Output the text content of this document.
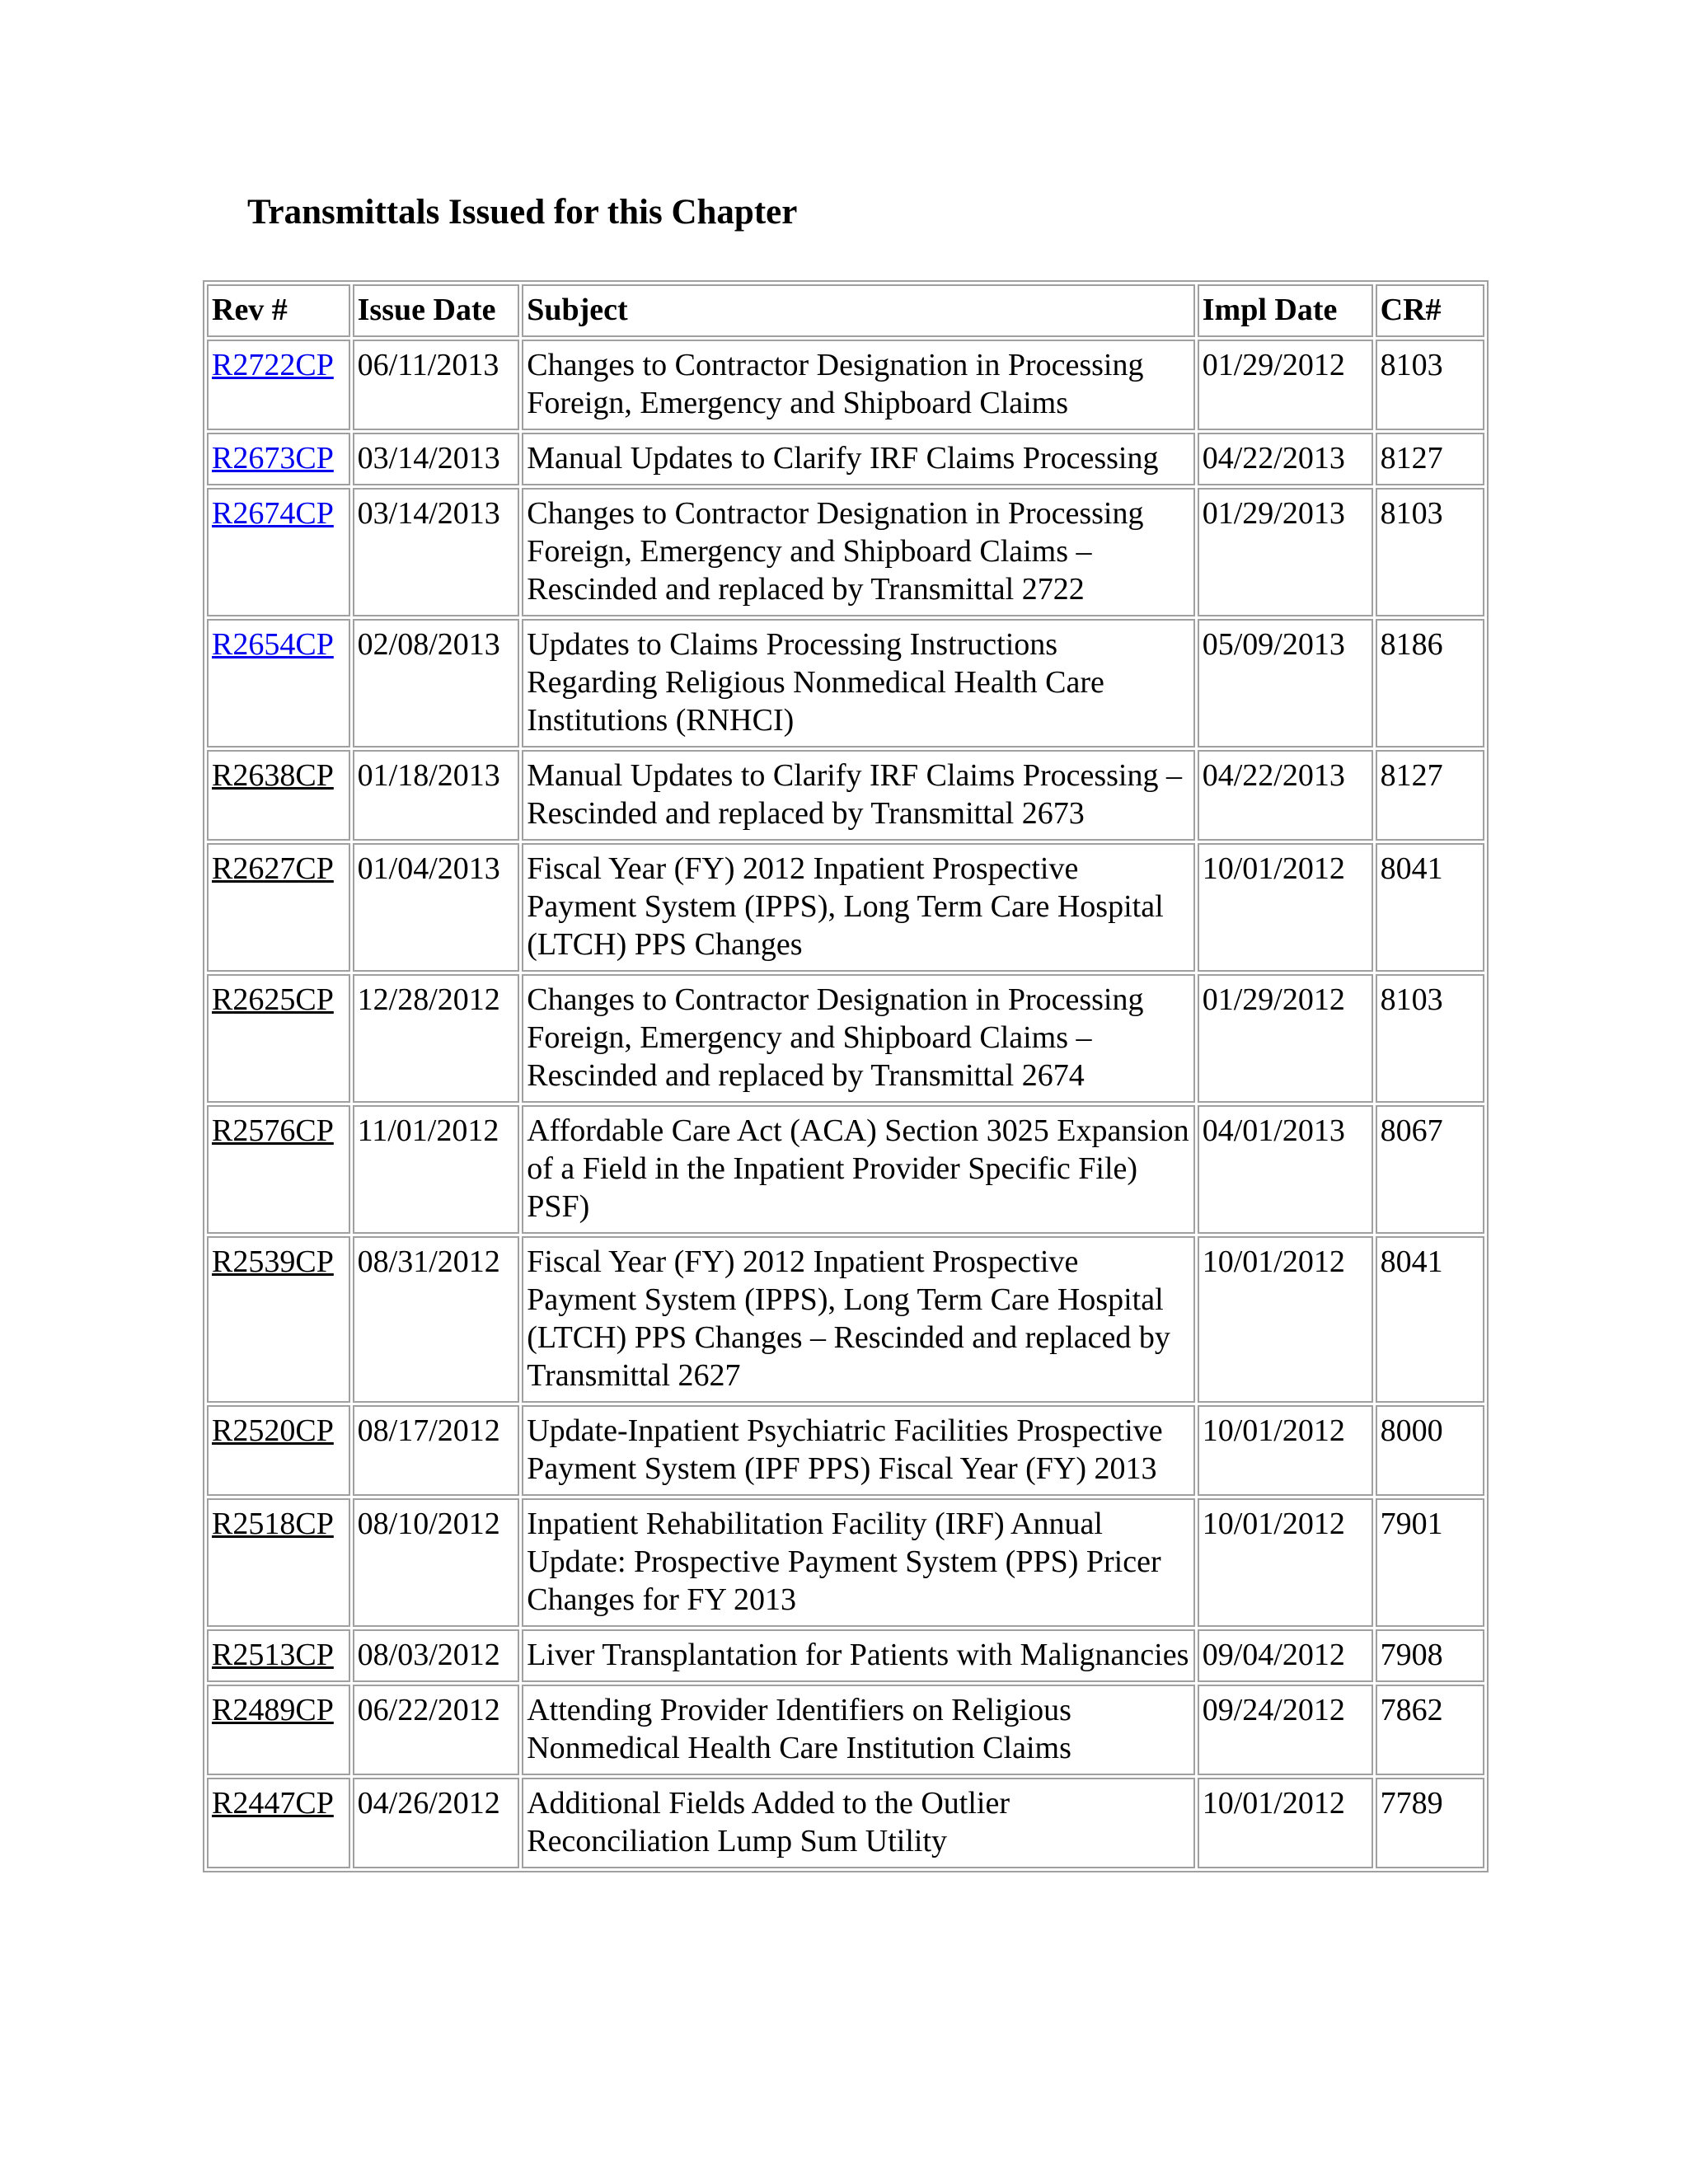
Transmittals Issued for this Chapter
Rev #	Issue Date	Subject	Impl Date	CR#
R2722CP	06/11/2013	Changes to Contractor Designation in Processing Foreign, Emergency and Shipboard Claims	01/29/2012	8103
R2673CP	03/14/2013	Manual Updates to Clarify IRF Claims Processing	04/22/2013	8127
R2674CP	03/14/2013	Changes to Contractor Designation in Processing Foreign, Emergency and Shipboard Claims – Rescinded and replaced by Transmittal 2722	01/29/2013	8103
R2654CP	02/08/2013	Updates to Claims Processing Instructions Regarding Religious Nonmedical Health Care Institutions (RNHCI)	05/09/2013	8186
R2638CP	01/18/2013	Manual Updates to Clarify IRF Claims Processing – Rescinded and replaced by Transmittal 2673	04/22/2013	8127
R2627CP	01/04/2013	Fiscal Year (FY) 2012 Inpatient Prospective Payment System (IPPS), Long Term Care Hospital (LTCH) PPS Changes	10/01/2012	8041
R2625CP	12/28/2012	Changes to Contractor Designation in Processing Foreign, Emergency and Shipboard Claims – Rescinded and replaced by Transmittal 2674	01/29/2012	8103
R2576CP	11/01/2012	Affordable Care Act (ACA) Section 3025 Expansion of a Field in the Inpatient Provider Specific File) PSF)	04/01/2013	8067
R2539CP	08/31/2012	Fiscal Year (FY) 2012 Inpatient Prospective Payment System (IPPS), Long Term Care Hospital (LTCH) PPS Changes – Rescinded and replaced by Transmittal 2627	10/01/2012	8041
R2520CP	08/17/2012	Update-Inpatient Psychiatric Facilities Prospective Payment System (IPF PPS) Fiscal Year (FY) 2013	10/01/2012	8000
R2518CP	08/10/2012	Inpatient Rehabilitation Facility (IRF) Annual Update: Prospective Payment System (PPS) Pricer Changes for FY 2013	10/01/2012	7901
R2513CP	08/03/2012	Liver Transplantation for Patients with Malignancies	09/04/2012	7908
R2489CP	06/22/2012	Attending Provider Identifiers on Religious Nonmedical Health Care Institution Claims	09/24/2012	7862
R2447CP	04/26/2012	Additional Fields Added to the Outlier Reconciliation Lump Sum Utility	10/01/2012	7789
